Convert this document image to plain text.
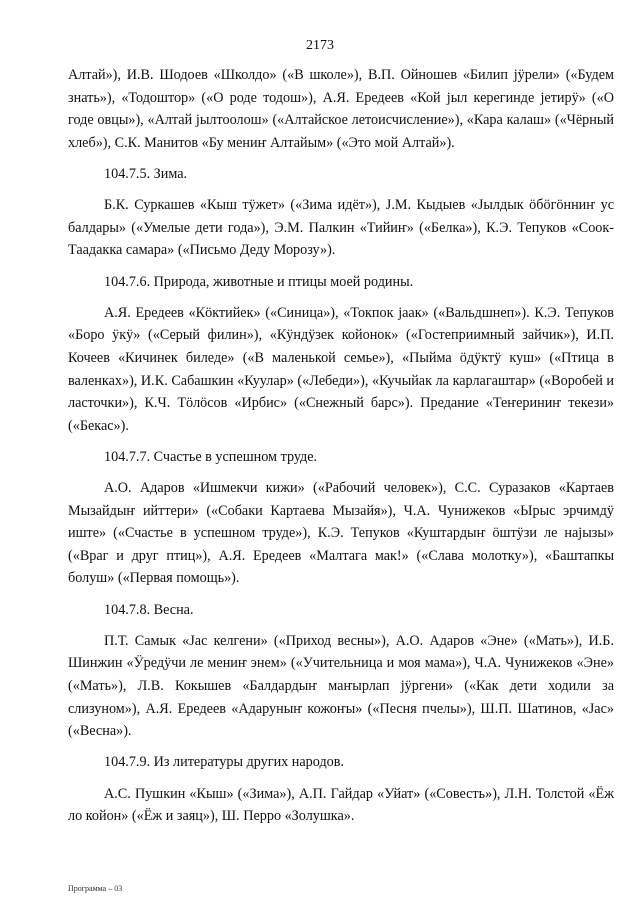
2173

Алтай»), И.В. Шодоев «Школдо» («В школе»), В.П. Ойношев «Билип јӱрели» («Будем знать»), «Тодоштор» («О роде тодош»), А.Я. Ередеев «Кой јыл керегинде јетирӱ» («О годе овцы»), «Алтай јылтоолош» («Алтайское летоисчисление»), «Кара калаш» («Чёрный хлеб»), С.К. Манитов «Бу мениҥ Алтайым» («Это мой Алтай»).

104.7.5. Зима.

Б.К. Суркашев «Кыш тӱжет» («Зима идёт»), J.М. Кыдыев «Јылдык ӧбӧгӧнниҥ ус балдары» («Умелые дети года»), Э.М. Палкин «Тийиҥ» («Белка»), К.Э. Тепуков «Соок-Таадакка самара» («Письмо Деду Морозу»).

104.7.6. Природа, животные и птицы моей родины.

А.Я. Ередеев «Кӧктийек» («Синица»), «Токпок јаак» («Вальдшнеп»). К.Э. Тепуков «Боро ӱкӱ» («Серый филин»), «Кӱндӱзек койонок» («Гостеприимный зайчик»), И.П. Кочеев «Кичинек биледе» («В маленькой семье»), «Пыйма ӧдӱктӱ куш» («Птица в валенках»), И.К. Сабашкин «Куулар» («Лебеди»), «Кучыйак ла карлагаштар» («Воробей и ласточки»), К.Ч. Тӧлӧсов «Ирбис» («Снежный барс»). Предание «Теҥериниҥ текези» («Бекас»).

104.7.7. Счастье в успешном труде.

А.О. Адаров «Ишмекчи кижи» («Рабочий человек»), С.С. Суразаков «Картаев Мызайдыҥ ийттери» («Собаки Картаева Мызайя»), Ч.А. Чунижеков «Ырыс эрчимдӱ иште» («Счастье в успешном труде»), К.Э. Тепуков «Куштардыҥ ӧштӱзи ле најызы» («Враг и друг птиц»), А.Я. Ередеев «Малтага мак!» («Слава молотку»), «Баштапкы болуш» («Первая помощь»).

104.7.8. Весна.

П.Т. Самык «Јас келгени» («Приход весны»), А.О. Адаров «Эне» («Мать»), И.Б. Шинжин «Ӱредӱчи ле мениҥ энем» («Учительница и моя мама»), Ч.А. Чунижеков «Эне» («Мать»), Л.В. Кокышев «Балдардыҥ маҥырлап јӱргени» («Как дети ходили за слизуном»), А.Я. Ередеев «Адаруныҥ кожоҥы» («Песня пчелы»), Ш.П. Шатинов, «Јас» («Весна»).

104.7.9. Из литературы других народов.

А.С. Пушкин «Кыш» («Зима»), А.П. Гайдар «Уйат» («Совесть»), Л.Н. Толстой «Ёж ло койон» («Ёж и заяц»), Ш. Перро «Золушка».

Программа – 03
